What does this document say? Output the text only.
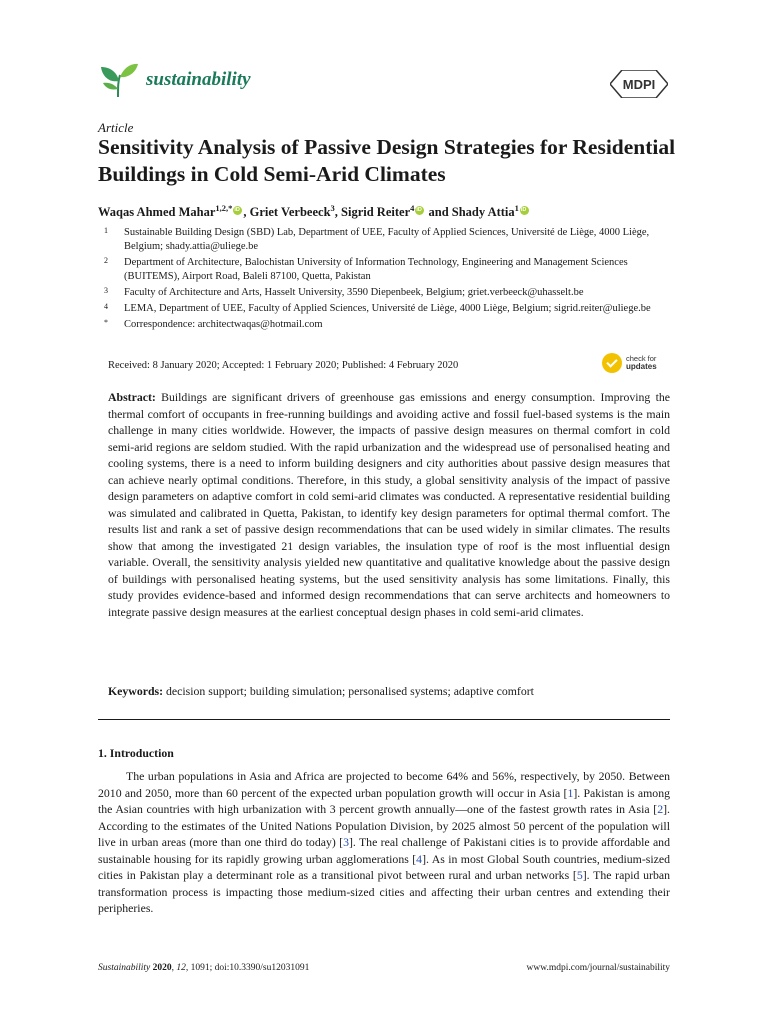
sustainability	MDPI
Article
Sensitivity Analysis of Passive Design Strategies for Residential Buildings in Cold Semi-Arid Climates
Waqas Ahmed Mahar$^{1,2,*}$iD , Griet Verbeeck$^3$, Sigrid Reiter$^4$iD and Shady Attia$^1$iD
1	Sustainable Building Design (SBD) Lab, Department of UEE, Faculty of Applied Sciences, Université de Liège, 4000 Liège, Belgium; shady.attia@uliege.be
2	Department of Architecture, Balochistan University of Information Technology, Engineering and Management Sciences (BUITEMS), Airport Road, Baleli 87100, Quetta, Pakistan
3	Faculty of Architecture and Arts, Hasselt University, 3590 Diepenbeek, Belgium; griet.verbeeck@uhasselt.be
4	LEMA, Department of UEE, Faculty of Applied Sciences, Université de Liège, 4000 Liège, Belgium; sigrid.reiter@uliege.be
*	Correspondence: architectwaqas@hotmail.com
Received: 8 January 2020; Accepted: 1 February 2020; Published: 4 February 2020
check for
updates
Abstract: Buildings are significant drivers of greenhouse gas emissions and energy consumption. Improving the thermal comfort of occupants in free-running buildings and avoiding active and fossil fuel-based systems is the main challenge in many cities worldwide. However, the impacts of passive design measures on thermal comfort in cold semi-arid regions are seldom studied. With the rapid urbanization and the widespread use of personalised heating and cooling systems, there is a need to inform building designers and city authorities about passive design measures that can achieve nearly optimal conditions. Therefore, in this study, a global sensitivity analysis of the impact of passive design parameters on adaptive comfort in cold semi-arid climates was conducted. A representative residential building was simulated and calibrated in Quetta, Pakistan, to identify key design parameters for optimal thermal comfort. The results list and rank a set of passive design recommendations that can be used widely in similar climates. The results show that among the investigated 21 design variables, the insulation type of roof is the most influential design variable. Overall, the sensitivity analysis yielded new quantitative and qualitative knowledge about the passive design of buildings with personalised heating systems, but the used sensitivity analysis has some limitations. Finally, this study provides evidence-based and informed design recommendations that can serve architects and homeowners to integrate passive design measures at the earliest conceptual design phases in cold semi-arid climates.
Keywords: decision support; building simulation; personalised systems; adaptive comfort
1. Introduction
The urban populations in Asia and Africa are projected to become 64% and 56%, respectively, by 2050. Between 2010 and 2050, more than 60 percent of the expected urban population growth will occur in Asia [1]. Pakistan is among the Asian countries with high urbanization with 3 percent growth annually—one of the fastest growth rates in Asia [2]. According to the estimates of the United Nations Population Division, by 2025 almost 50 percent of the population will live in urban areas (more than one third do today) [3]. The real challenge of Pakistani cities is to provide affordable and sustainable housing for its rapidly growing urban agglomerations [4]. As in most Global South countries, medium-sized cities in Pakistan play a determinant role as a transitional pivot between rural and urban networks [5]. The rapid urban transformation process is impacting those medium-sized cities and affecting their urban centres and extending their peripheries.
Sustainability 2020, 12, 1091; doi:10.3390/su12031091	www.mdpi.com/journal/sustainability
